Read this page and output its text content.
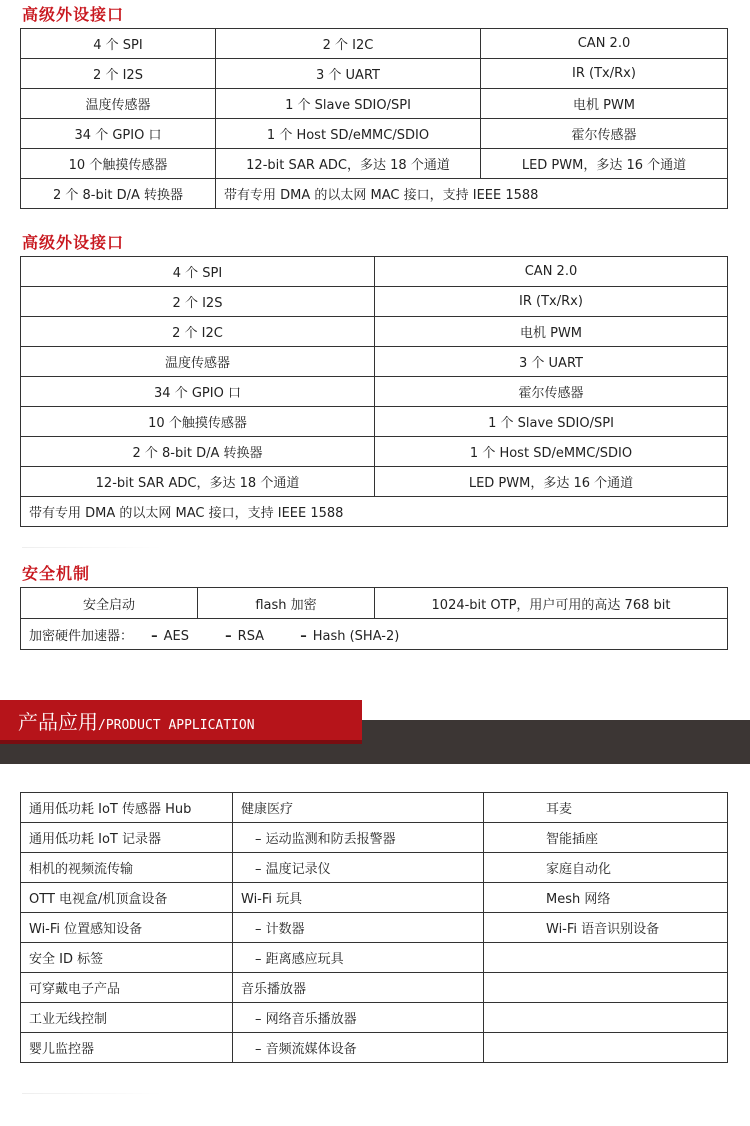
高级外设接口
4 个 SPI	2 个 I2C	CAN 2.0
2 个 I2S	3 个 UART	IR (Tx/Rx)
温度传感器	1 个 Slave SDIO/SPI	电机 PWM
34 个 GPIO 口	1 个 Host SD/eMMC/SDIO	霍尔传感器
10 个触摸传感器	12-bit SAR ADC，多达 18 个通道	LED PWM，多达 16 个通道
2 个 8-bit D/A 转换器	带有专用 DMA 的以太网 MAC 接口，支持 IEEE 1588	
高级外设接口
4 个 SPI	CAN 2.0
2 个 I2S	IR (Tx/Rx)
2 个 I2C	电机 PWM
温度传感器	3 个 UART
34 个 GPIO 口	霍尔传感器
10 个触摸传感器	1 个 Slave SDIO/SPI
2 个 8-bit D/A 转换器	1 个 Host SD/eMMC/SDIO
12-bit SAR ADC，多达 18 个通道	LED PWM，多达 16 个通道
带有专用 DMA 的以太网 MAC 接口，支持 IEEE 1588	
安全机制
安全启动	flash 加密	1024-bit OTP，用户可用的高达 768 bit
加密硬件加速器： – AES	– RSA	– Hash (SHA-2)
产品应用/PRODUCT APPLICATION
通用低功耗 IoT 传感器 Hub	健康医疗	耳麦
通用低功耗 IoT 记录器	– 运动监测和防丢报警器	智能插座
相机的视频流传输	– 温度记录仪	家庭自动化
OTT 电视盒/机顶盒设备	Wi-Fi 玩具	Mesh 网络
Wi-Fi 位置感知设备	– 计数器	Wi-Fi 语音识别设备
安全 ID 标签	– 距离感应玩具	
可穿戴电子产品	音乐播放器	
工业无线控制	– 网络音乐播放器	
婴儿监控器	– 音频流媒体设备	
